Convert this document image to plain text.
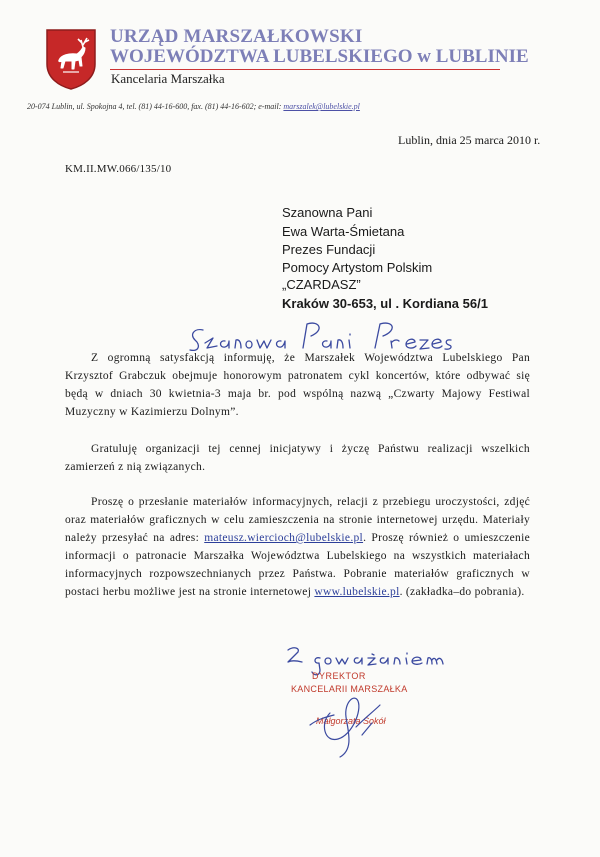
URZĄD MARSZAŁKOWSKI
WOJEWÓDZTWA LUBELSKIEGO w LUBLINIE
Kancelaria Marszałka
20-074 Lublin, ul. Spokojna 4, tel. (81) 44-16-600, fax. (81) 44-16-602; e-mail: marszalek@lubelskie.pl
Lublin, dnia 25 marca 2010 r.
KM.II.MW.066/135/10
Szanowna Pani
Ewa Warta-Śmietana
Prezes Fundacji
Pomocy Artystom Polskim
„CZARDASZ”
Kraków 30-653, ul . Kordiana 56/1
Z ogromną satysfakcją informuję, że Marszałek Województwa Lubelskiego Pan Krzysztof Grabczuk obejmuje honorowym patronatem cykl koncertów, które odbywać się będą w dniach 30 kwietnia-3 maja br. pod wspólną nazwą „Czwarty Majowy Festiwal Muzyczny w Kazimierzu Dolnym”.
Gratuluję organizacji tej cennej inicjatywy i życzę Państwu realizacji wszelkich zamierzeń z nią związanych.
Proszę o przesłanie materiałów informacyjnych, relacji z przebiegu uroczystości, zdjęć oraz materiałów graficznych w celu zamieszczenia na stronie internetowej urzędu. Materiały należy przesyłać na adres: mateusz.wiercioch@lubelskie.pl. Proszę również o umieszczenie informacji o patronacie Marszałka Województwa Lubelskiego na wszystkich materiałach informacyjnych rozpowszechnianych przez Państwa. Pobranie materiałów graficznych w postaci herbu możliwe jest na stronie internetowej www.lubelskie.pl. (zakładka–do pobrania).
DYREKTOR
KANCELARII MARSZAŁKA
Małgorzata Sokół
